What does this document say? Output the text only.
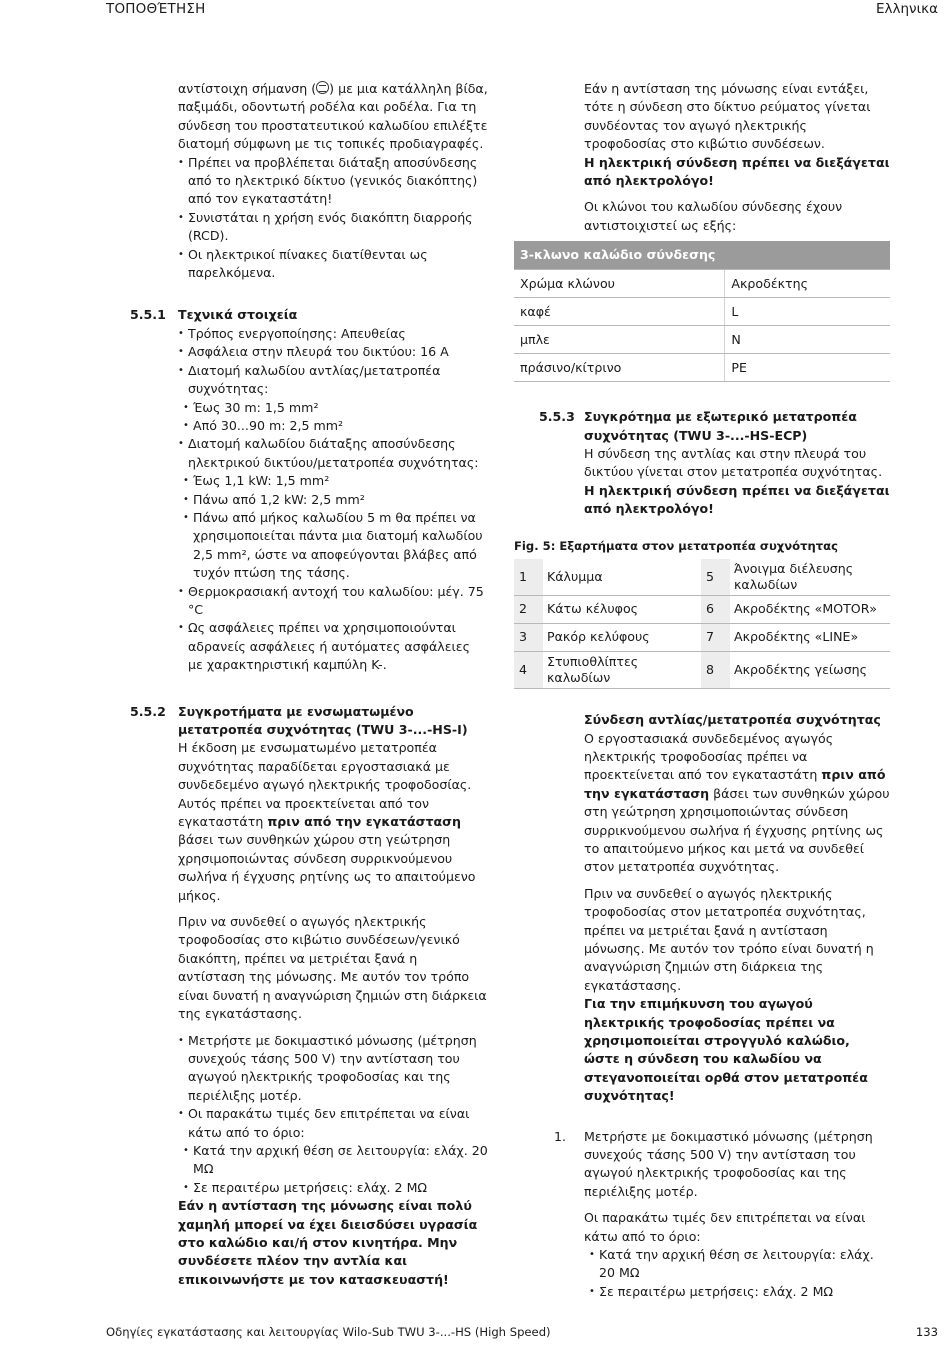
ΤΟΠΟΘΈΤΗΣΗ	Ελληνικα

αντίστοιχη σήμανση ( ) με μια κατάλληλη βίδα, παξιμάδι, οδοντωτή ροδέλα και ροδέλα. Για τη σύνδεση του προστατευτικού καλωδίου επιλέξτε διατομή σύμφωνη με τις τοπικές προδιαγραφές.

• Πρέπει να προβλέπεται διάταξη αποσύνδεσης από το ηλεκτρικό δίκτυο (γενικός διακόπτης) από τον εγκαταστάτη!
• Συνιστάται η χρήση ενός διακόπτη διαρροής (RCD).
• Οι ηλεκτρικοί πίνακες διατίθενται ως παρελκόμενα.
5.5.1 Τεχνικά στοιχεία

• Τρόπος ενεργοποίησης: Απευθείας
• Ασφάλεια στην πλευρά του δικτύου: 16 A
• Διατομή καλωδίου αντλίας/μετατροπέα συχνότητας:
• Έως 30 m: 1,5 mm²
• Από 30...90 m: 2,5 mm²
• Διατομή καλωδίου διάταξης αποσύνδεσης ηλεκτρικού δικτύου/μετατροπέα συχνότητας:
• Έως 1,1 kW: 1,5 mm²
• Πάνω από 1,2 kW: 2,5 mm²
• Πάνω από μήκος καλωδίου 5 m θα πρέπει να χρησιμοποιείται πάντα μια διατομή καλωδίου 2,5 mm², ώστε να αποφεύγονται βλάβες από τυχόν πτώση της τάσης.
• Θερμοκρασιακή αντοχή του καλωδίου: μέγ. 75 °C
• Ως ασφάλειες πρέπει να χρησιμοποιούνται αδρανείς ασφάλειες ή αυτόματες ασφάλειες με χαρακτηριστική καμπύλη K-.
5.5.2 Συγκροτήματα με ενσωματωμένο μετατροπέα συχνότητας (TWU 3-...-HS-I)

Η έκδοση με ενσωματωμένο μετατροπέα συχνότητας παραδίδεται εργοστασιακά με συνδεδεμένο αγωγό ηλεκτρικής τροφοδοσίας. Αυτός πρέπει να προεκτείνεται από τον εγκαταστάτη πριν από την εγκατάσταση βάσει των συνθηκών χώρου στη γεώτρηση χρησιμοποιώντας σύνδεση συρρικνούμενου σωλήνα ή έγχυσης ρητίνης ως το απαιτούμενο μήκος.

Πριν να συνδεθεί ο αγωγός ηλεκτρικής τροφοδοσίας στο κιβώτιο συνδέσεων/γενικό διακόπτη, πρέπει να μετριέται ξανά η αντίσταση της μόνωσης. Με αυτόν τον τρόπο είναι δυνατή η αναγνώριση ζημιών στη διάρκεια της εγκατάστασης.

• Μετρήστε με δοκιμαστικό μόνωσης (μέτρηση συνεχούς τάσης 500 V) την αντίσταση του αγωγού ηλεκτρικής τροφοδοσίας και της περιέλιξης μοτέρ.
• Οι παρακάτω τιμές δεν επιτρέπεται να είναι κάτω από το όριο:
• Κατά την αρχική θέση σε λειτουργία: ελάχ. 20 MΩ
• Σε περαιτέρω μετρήσεις: ελάχ. 2 MΩ

Εάν η αντίσταση της μόνωσης είναι πολύ χαμηλή μπορεί να έχει διεισδύσει υγρασία στο καλώδιο και/ή στον κινητήρα. Μην συνδέσετε πλέον την αντλία και επικοινωνήστε με τον κατασκευαστή!

Εάν η αντίσταση της μόνωσης είναι εντάξει, τότε η σύνδεση στο δίκτυο ρεύματος γίνεται συνδέοντας τον αγωγό ηλεκτρικής τροφοδοσίας στο κιβώτιο συνδέσεων.

Η ηλεκτρική σύνδεση πρέπει να διεξάγεται από ηλεκτρολόγο!

Οι κλώνοι του καλωδίου σύνδεσης έχουν αντιστοιχιστεί ως εξής:

3-κλωνο καλώδιο σύνδεσης	
Χρώμα κλώνου	Ακροδέκτης
καφέ	L
μπλε	N
πράσινο/κίτρινο	PE
5.5.3 Συγκρότημα με εξωτερικό μετατροπέα συχνότητας (TWU 3-...-HS-ECP)

Η σύνδεση της αντλίας και στην πλευρά του δικτύου γίνεται στον μετατροπέα συχνότητας.

Η ηλεκτρική σύνδεση πρέπει να διεξάγεται από ηλεκτρολόγο!

Fig. 5: Εξαρτήματα στον μετατροπέα συχνότητας

1	Κάλυμμα	5	Άνοιγμα διέλευσης καλωδίων
2	Κάτω κέλυφος	6	Ακροδέκτης «MOTOR»
3	Ρακόρ κελύφους	7	Ακροδέκτης «LINE»
4	Στυπιοθλίπτες καλωδίων	8	Ακροδέκτης γείωσης

Σύνδεση αντλίας/μετατροπέα συχνότητας

Ο εργοστασιακά συνδεδεμένος αγωγός ηλεκτρικής τροφοδοσίας πρέπει να προεκτείνεται από τον εγκαταστάτη πριν από την εγκατάσταση βάσει των συνθηκών χώρου στη γεώτρηση χρησιμοποιώντας σύνδεση συρρικνούμενου σωλήνα ή έγχυσης ρητίνης ως το απαιτούμενο μήκος και μετά να συνδεθεί στον μετατροπέα συχνότητας.

Πριν να συνδεθεί ο αγωγός ηλεκτρικής τροφοδοσίας στον μετατροπέα συχνότητας, πρέπει να μετριέται ξανά η αντίσταση μόνωσης. Με αυτόν τον τρόπο είναι δυνατή η αναγνώριση ζημιών στη διάρκεια της εγκατάστασης.

Για την επιμήκυνση του αγωγού ηλεκτρικής τροφοδοσίας πρέπει να χρησιμοποιείται στρογγυλό καλώδιο, ώστε η σύνδεση του καλωδίου να στεγανοποιείται ορθά στον μετατροπέα συχνότητας!

1. Μετρήστε με δοκιμαστικό μόνωσης (μέτρηση συνεχούς τάσης 500 V) την αντίσταση του αγωγού ηλεκτρικής τροφοδοσίας και της περιέλιξης μοτέρ.

Οι παρακάτω τιμές δεν επιτρέπεται να είναι κάτω από το όριο:

• Κατά την αρχική θέση σε λειτουργία: ελάχ. 20 MΩ
• Σε περαιτέρω μετρήσεις: ελάχ. 2 MΩ
Οδηγίες εγκατάστασης και λειτουργίας Wilo-Sub TWU 3-...-HS (High Speed)	133
